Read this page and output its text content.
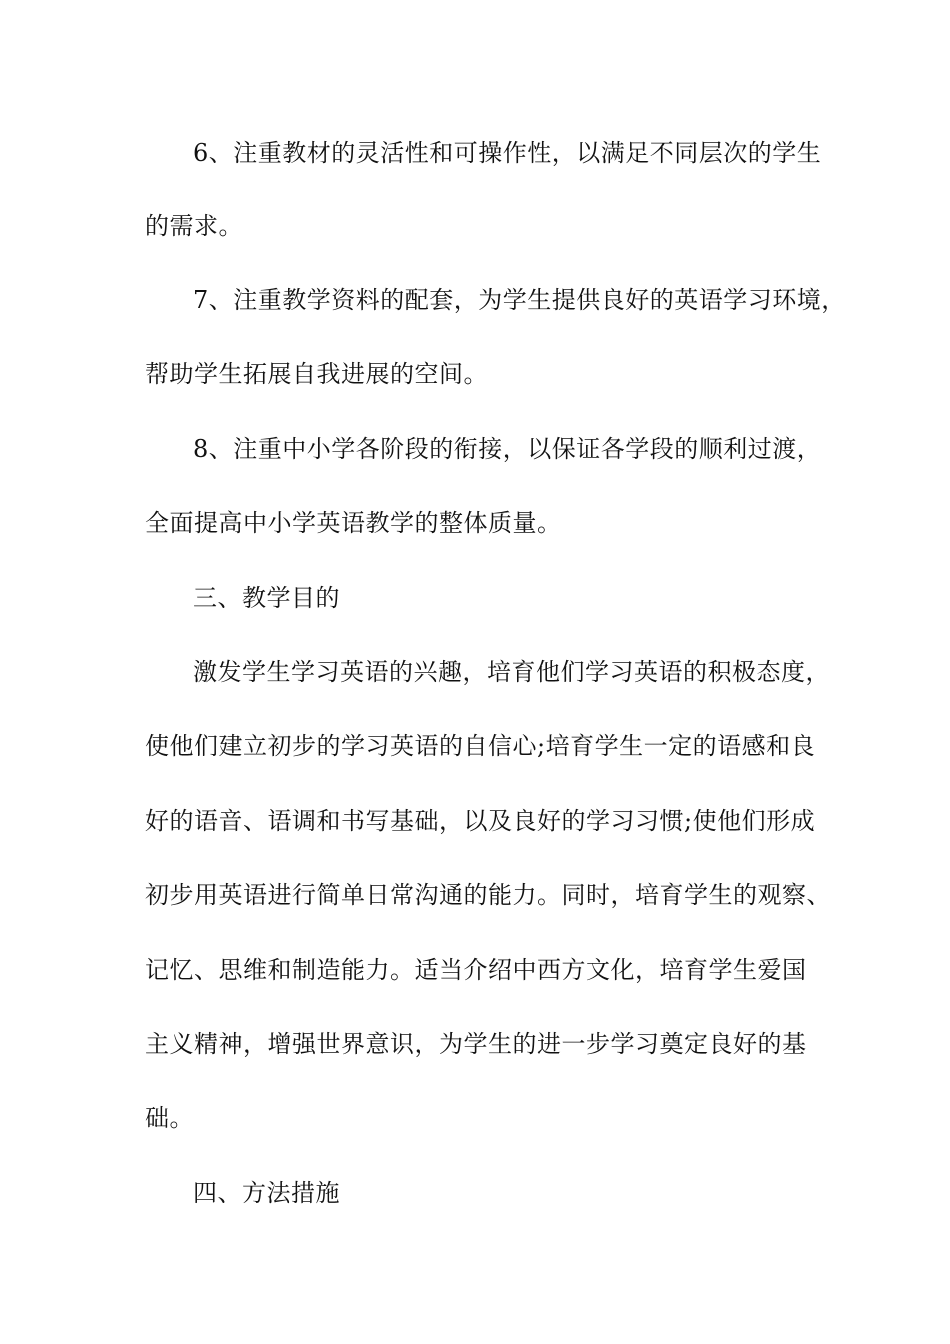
6、注重教材的灵活性和可操作性，以满足不同层次的学生
的需求。
7、注重教学资料的配套，为学生提供良好的英语学习环境，
帮助学生拓展自我进展的空间。
8、注重中小学各阶段的衔接，以保证各学段的顺利过渡，
全面提高中小学英语教学的整体质量。
三、教学目的
激发学生学习英语的兴趣，培育他们学习英语的积极态度，
使他们建立初步的学习英语的自信心;培育学生一定的语感和良
好的语音、语调和书写基础，以及良好的学习习惯;使他们形成
初步用英语进行简单日常沟通的能力。同时，培育学生的观察、
记忆、思维和制造能力。适当介绍中西方文化，培育学生爱国
主义精神，增强世界意识，为学生的进一步学习奠定良好的基
础。
四、方法措施
